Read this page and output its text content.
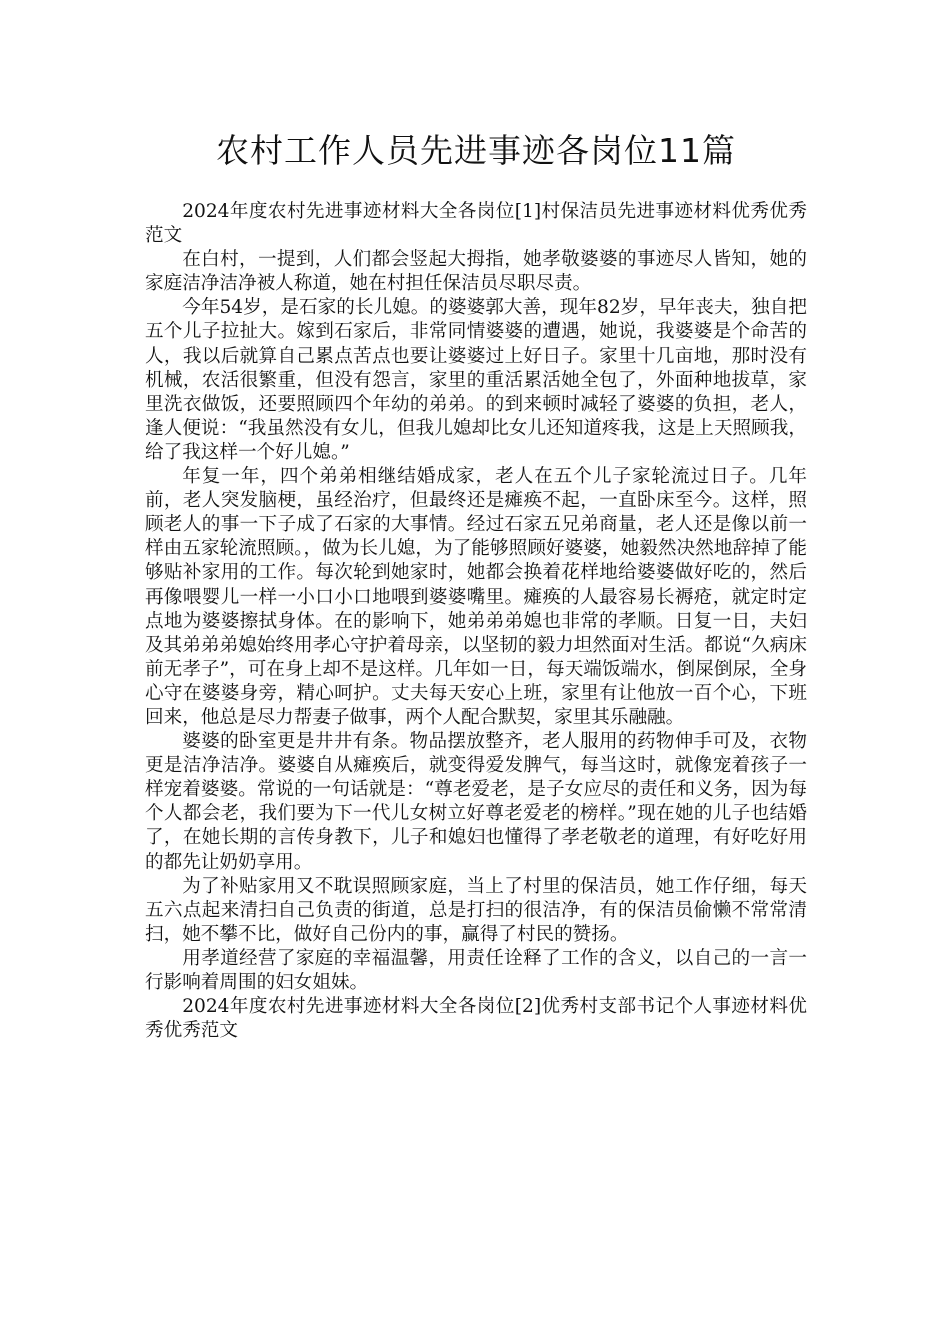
农村工作人员先进事迹各岗位11篇

2024年度农村先进事迹材料大全各岗位[1]村保洁员先进事迹材料优秀优秀范文

在白村，一提到，人们都会竖起大拇指，她孝敬婆婆的事迹尽人皆知，她的家庭洁净洁净被人称道，她在村担任保洁员尽职尽责。

今年54岁，是石家的长儿媳。的婆婆郭大善，现年82岁，早年丧夫，独自把五个儿子拉扯大。嫁到石家后，非常同情婆婆的遭遇，她说，我婆婆是个命苦的人，我以后就算自己累点苦点也要让婆婆过上好日子。家里十几亩地，那时没有机械，农活很繁重，但没有怨言，家里的重活累活她全包了，外面种地拔草，家里洗衣做饭，还要照顾四个年幼的弟弟。的到来顿时减轻了婆婆的负担，老人，逢人便说：“我虽然没有女儿，但我儿媳却比女儿还知道疼我，这是上天照顾我，给了我这样一个好儿媳。”

年复一年，四个弟弟相继结婚成家，老人在五个儿子家轮流过日子。几年前，老人突发脑梗，虽经治疗，但最终还是瘫痪不起，一直卧床至今。这样，照顾老人的事一下子成了石家的大事情。经过石家五兄弟商量，老人还是像以前一样由五家轮流照顾。，做为长儿媳，为了能够照顾好婆婆，她毅然决然地辞掉了能够贴补家用的工作。每次轮到她家时，她都会换着花样地给婆婆做好吃的，然后再像喂婴儿一样一小口小口地喂到婆婆嘴里。瘫痪的人最容易长褥疮，就定时定点地为婆婆擦拭身体。在的影响下，她弟弟弟媳也非常的孝顺。日复一日，夫妇及其弟弟弟媳始终用孝心守护着母亲，以坚韧的毅力坦然面对生活。都说“久病床前无孝子”，可在身上却不是这样。几年如一日，每天端饭端水，倒屎倒尿，全身心守在婆婆身旁，精心呵护。丈夫每天安心上班，家里有让他放一百个心，下班回来，他总是尽力帮妻子做事，两个人配合默契，家里其乐融融。

婆婆的卧室更是井井有条。物品摆放整齐，老人服用的药物伸手可及，衣物更是洁净洁净。婆婆自从瘫痪后，就变得爱发脾气，每当这时，就像宠着孩子一样宠着婆婆。常说的一句话就是：“尊老爱老，是子女应尽的责任和义务，因为每个人都会老，我们要为下一代儿女树立好尊老爱老的榜样。”现在她的儿子也结婚了，在她长期的言传身教下，儿子和媳妇也懂得了孝老敬老的道理，有好吃好用的都先让奶奶享用。

为了补贴家用又不耽误照顾家庭，当上了村里的保洁员，她工作仔细，每天五六点起来清扫自己负责的街道，总是打扫的很洁净，有的保洁员偷懒不常常清扫，她不攀不比，做好自己份内的事，赢得了村民的赞扬。

用孝道经营了家庭的幸福温馨，用责任诠释了工作的含义，以自己的一言一行影响着周围的妇女姐妹。

2024年度农村先进事迹材料大全各岗位[2]优秀村支部书记个人事迹材料优秀优秀范文
